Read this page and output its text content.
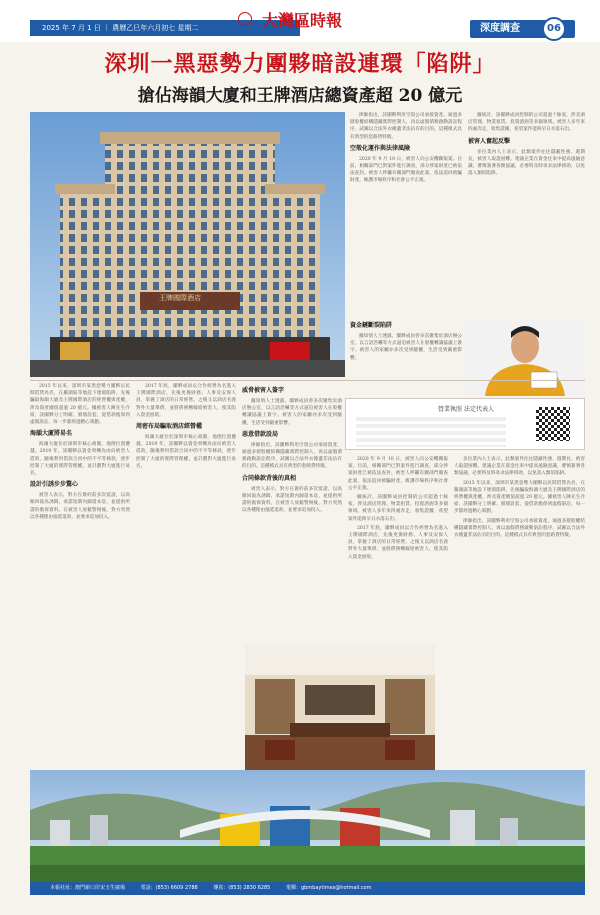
2025 年 7 月 1 日 ｜ 農曆乙巳年六月初七 星期二	大灣區時報	深度調查	06
深圳一黑惡勢力團夥暗設連環「陷阱」
搶佔海韻大廈和王牌酒店總資產超 20 億元
王牌國際酒店

律師指出，該團夥利用空殼公司承接資產，通過多層股權結構隱藏實際控制人，再以虛假債務啟動訴訟程序，試圖以合法外衣掩蓋非法佔有的目的。這種模式具有典型的套路貸特徵。

空殼化運作與法律風險

2020 年 9 月 10 日，被害人向公安機關報案。目前，相關部門已對案件進行調查，部分涉案財產已被依法查封。被害人呼籲有關部門徹查此案，依法追回被騙財產，維護市場秩序和社會公平正義。

據統計，該團夥成員控制的公司超過十餘家，涉及酒店管理、物業租賃、投資諮詢等多個領域。被害人多年來四處奔走，收集證據，希望案件能夠早日水落石出。

被害人奮起反擊

多位業內人士表示，此類案件往往隱蔽性強、週期長，被害人取證困難。建議企業在資金往來中提高風險意識，審慎簽署各類協議，必要時及時尋求法律援助，以免落入類似陷阱。

資金鏈斷裂陷阱

據知情人士透露，團夥成員曾多次聚集於酒店辦公室，以言語恐嚇等方式逼迫被害人在股權轉讓協議上簽字。被害人的家屬亦多次受到騷擾，生活受到嚴重影響。

營業執照 法定代表人

2015 年以來，深圳市某黑惡勢力團夥以民間借貸為名，在羅湖區等地設下連環陷阱，先後騙取海韻大廈及王牌國際酒店的經營權與產權，涉及資產總值超過 20 億元。據被害人陳先生介紹，該團夥分工明確、層層設套，從借款擔保到虛假訴訟，每一步都經過精心策劃。

海韻大廈將易名

海韻大廈位於深圳市核心商圈，地理位置優越。2019 年，該團夥以資金周轉為由向被害人借款，隨後利用借款合同中的不平等條款，逐步控制了大廈的實際管理權，並計劃對大廈進行易名。

設計引誘步步驚心

被害人表示，對方在簽約前多次宴請，以高額回報為誘餌，承諾短期內歸還本息，並提供所謂的擔保資料。在被害人放鬆警惕後，對方突然以各種理由拖延還款，並要求追加投入。

2017 年底，團夥成員以合作經營為名進入王牌國際酒店，先後更換財務、人事及安保人員，掌握了酒店的日常經營。之後又以酒店名義對外大量舉債，並將債務轉嫁給被害人，使其陷入資金困境。

周密布局騙取酒店經營權

海韻大廈位於深圳市核心商圈，地理位置優越。2019 年，該團夥以資金周轉為由向被害人借款，隨後利用借款合同中的不平等條款，逐步控制了大廈的實際管理權，並計劃對大廈進行易名。

威脅被害人簽字

據知情人士透露，團夥成員曾多次聚集於酒店辦公室，以言語恐嚇等方式逼迫被害人在股權轉讓協議上簽字。被害人的家屬亦多次受到騷擾，生活受到嚴重影響。

惡意借款設局

律師指出，該團夥利用空殼公司承接資產，通過多層股權結構隱藏實際控制人，再以虛假債務啟動訴訟程序，試圖以合法外衣掩蓋非法佔有的目的。這種模式具有典型的套路貸特徵。

合同條款背後的真相

被害人表示，對方在簽約前多次宴請，以高額回報為誘餌，承諾短期內歸還本息，並提供所謂的擔保資料。在被害人放鬆警惕後，對方突然以各種理由拖延還款，並要求追加投入。

2020 年 9 月 10 日，被害人向公安機關報案。目前，相關部門已對案件進行調查，部分涉案財產已被依法查封。被害人呼籲有關部門徹查此案，依法追回被騙財產，維護市場秩序和社會公平正義。

據統計，該團夥成員控制的公司超過十餘家，涉及酒店管理、物業租賃、投資諮詢等多個領域。被害人多年來四處奔走，收集證據，希望案件能夠早日水落石出。

2017 年底，團夥成員以合作經營為名進入王牌國際酒店，先後更換財務、人事及安保人員，掌握了酒店的日常經營。之後又以酒店名義對外大量舉債，並將債務轉嫁給被害人，使其陷入資金困境。

多位業內人士表示，此類案件往往隱蔽性強、週期長，被害人取證困難。建議企業在資金往來中提高風險意識，審慎簽署各類協議，必要時及時尋求法律援助，以免落入類似陷阱。

2015 年以來，深圳市某黑惡勢力團夥以民間借貸為名，在羅湖區等地設下連環陷阱，先後騙取海韻大廈及王牌國際酒店的經營權與產權，涉及資產總值超過 20 億元。據被害人陳先生介紹，該團夥分工明確、層層設套，從借款擔保到虛假訴訟，每一步都經過精心策劃。

律師指出，該團夥利用空殼公司承接資產，通過多層股權結構隱藏實際控制人，再以虛假債務啟動訴訟程序，試圖以合法外衣掩蓋非法佔有的目的。這種模式具有典型的套路貸特徵。

本報社址：澳門新口岸宋玉生廣場	電話：(853) 6609 2788	傳真：(853) 2830 6285	電郵：gbmbaytimes@hotmail.com
